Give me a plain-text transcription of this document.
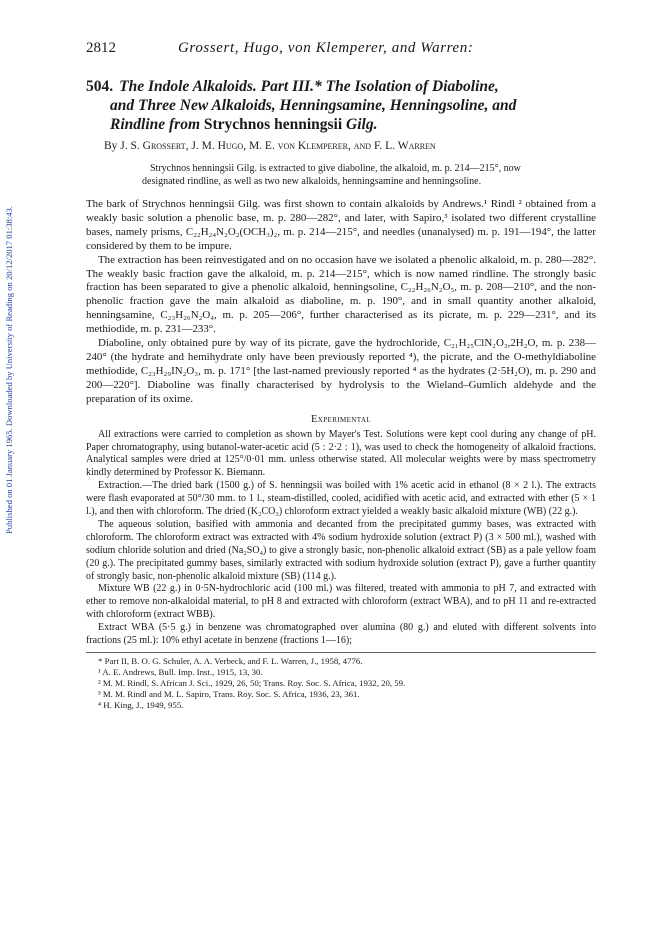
Published on 01 January 1965. Downloaded by University of Reading on 20/12/2017 01:38:43.
2812	Grossert, Hugo, von Klemperer, and Warren:
504. The Indole Alkaloids. Part III.* The Isolation of Diaboline,
and Three New Alkaloids, Henningsamine, Henningsoline, and
Rindline from Strychnos henningsii Gilg.
By J. S. Grossert, J. M. Hugo, M. E. von Klemperer, and F. L. Warren
Strychnos henningsii Gilg. is extracted to give diaboline, the alkaloid, m. p. 214—215°, now designated rindline, as well as two new alkaloids, henningsamine and henningsoline.

The bark of Strychnos henningsii Gilg. was first shown to contain alkaloids by Andrews.¹ Rindl ² obtained from a weakly basic solution a phenolic base, m. p. 280—282°, and later, with Sapiro,³ isolated two different crystalline bases, namely prisms, C₂₂H₂₄N₂O₂(OCH₃)₂, m. p. 214—215°, and needles (unanalysed) m. p. 191—194°, the latter considered by them to be impure.

The extraction has been reinvestigated and on no occasion have we isolated a phenolic alkaloid, m. p. 280—282°. The weakly basic fraction gave the alkaloid, m. p. 214—215°, which is now named rindline. The strongly basic fraction has been separated to give a phenolic alkaloid, henningsoline, C₂₂H₂₆N₂O₅, m. p. 208—210°, and the non-phenolic fraction gave the main alkaloid as diaboline, m. p. 190°, and in small quantity another alkaloid, henningsamine, C₂₃H₂₆N₂O₄, m. p. 205—206°, further characterised as its picrate, m. p. 229—231°, and its methiodide, m. p. 231—233°.

Diaboline, only obtained pure by way of its picrate, gave the hydrochloride, C₂₁H₂₅ClN₂O₃,2H₂O, m. p. 238—240° (the hydrate and hemihydrate only have been previously reported ⁴), the picrate, and the O-methyldiaboline methiodide, C₂₃H₂₉IN₂O₃, m. p. 171° [the last-named previously reported ⁴ as the hydrates (2·5H₂O), m. p. 290 and 200—220°]. Diaboline was finally characterised by hydrolysis to the Wieland–Gumlich aldehyde and the preparation of its oxime.

Experimental

All extractions were carried to completion as shown by Mayer's Test. Solutions were kept cool during any change of pH. Paper chromatography, using butanol-water-acetic acid (5 : 2·2 : 1), was used to check the homogeneity of alkaloid fractions. Analytical samples were dried at 125°/0·01 mm. unless otherwise stated. All molecular weights were by mass spectrometry kindly determined by Professor K. Biemann.

Extraction.—The dried bark (1500 g.) of S. henningsii was boiled with 1% acetic acid in ethanol (8 × 2 l.). The extracts were flash evaporated at 50°/30 mm. to 1 l., steam-distilled, cooled, acidified with acetic acid, and extracted with ether (5 × 1 l.), and then with chloroform. The dried (K₂CO₃) chloroform extract yielded a weakly basic alkaloid mixture (WB) (22 g.).

The aqueous solution, basified with ammonia and decanted from the precipitated gummy bases, was extracted with chloroform. The chloroform extract was extracted with 4% sodium hydroxide solution (extract P) (3 × 500 ml.), washed with sodium chloride solution and dried (Na₂SO₄) to give a strongly basic, non-phenolic alkaloid extract (SB) as a pale yellow foam (20 g.). The precipitated gummy bases, similarly extracted with sodium hydroxide solution (extract P), gave a further quantity of strongly basic, non-phenolic alkaloid mixture (SB) (114 g.).

Mixture WB (22 g.) in 0·5N-hydrochloric acid (100 ml.) was filtered, treated with ammonia to pH 7, and extracted with ether to remove non-alkaloidal material, to pH 8 and extracted with chloroform (extract WBA), and to pH 11 and re-extracted with chloroform (extract WBB).

Extract WBA (5·5 g.) in benzene was chromatographed over alumina (80 g.) and eluted with different solvents into fractions (25 ml.): 10% ethyl acetate in benzene (fractions 1—16);

* Part II, B. O. G. Schuler, A. A. Verbeck, and F. L. Warren, J., 1958, 4776.
¹ A. E. Andrews, Bull. Imp. Inst., 1915, 13, 30.
² M. M. Rindl, S. African J. Sci., 1929, 26, 50; Trans. Roy. Soc. S. Africa, 1932, 20, 59.
³ M. M. Rindl and M. L. Sapiro, Trans. Roy. Soc. S. Africa, 1936, 23, 361.
⁴ H. King, J., 1949, 955.
